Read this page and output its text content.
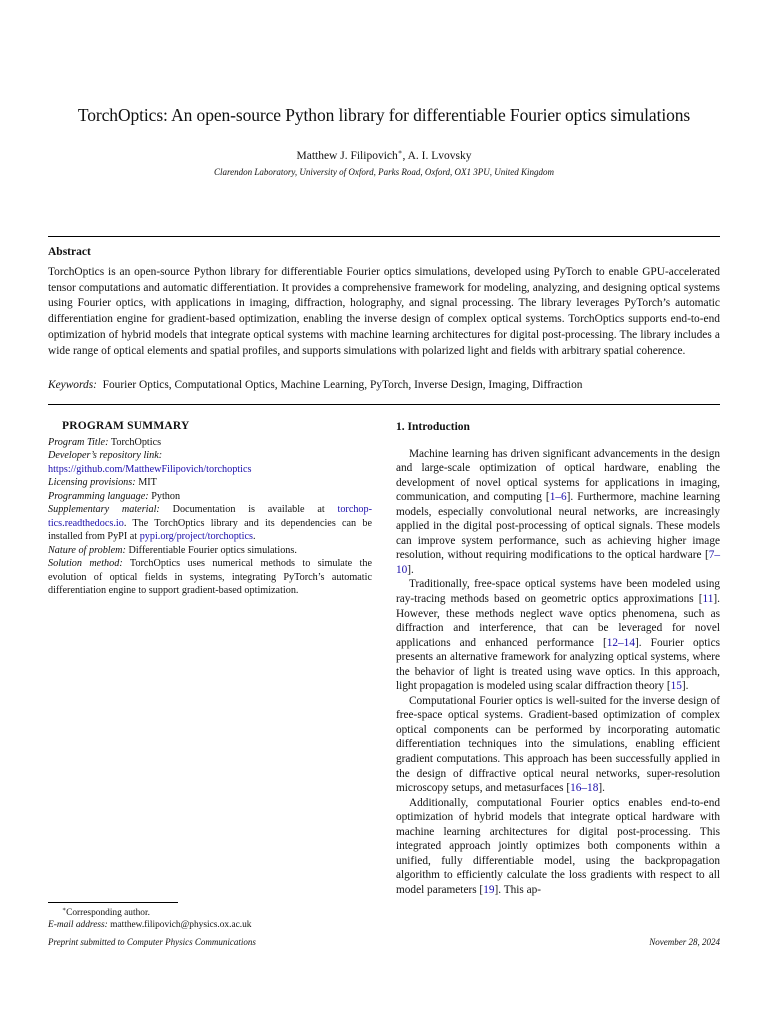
TorchOptics: An open-source Python library for differentiable Fourier optics simulations
Matthew J. Filipovich∗, A. I. Lvovsky
Clarendon Laboratory, University of Oxford, Parks Road, Oxford, OX1 3PU, United Kingdom
Abstract

TorchOptics is an open-source Python library for differentiable Fourier optics simulations, developed using PyTorch to enable GPU-accelerated tensor computations and automatic differentiation. It provides a comprehensive framework for modeling, analyzing, and designing optical systems using Fourier optics, with applications in imaging, diffraction, holography, and signal processing. The library leverages PyTorch’s automatic differentiation engine for gradient-based optimization, enabling the inverse design of complex optical systems. TorchOptics supports end-to-end optimization of hybrid models that integrate optical systems with machine learning architectures for digital post-processing. The library includes a wide range of optical elements and spatial profiles, and supports simulations with polarized light and fields with arbitrary spatial coherence.

Keywords: Fourier Optics, Computational Optics, Machine Learning, PyTorch, Inverse Design, Imaging, Diffraction

PROGRAM SUMMARY

Program Title: TorchOptics

Developer’s repository link:

https://github.com/MatthewFilipovich/torchoptics

Licensing provisions: MIT

Programming language: Python

Supplementary material: Documentation is available at torchop-tics.readthedocs.io. The TorchOptics library and its dependencies can be installed from PyPI at pypi.org/project/torchoptics.

Nature of problem: Differentiable Fourier optics simulations.

Solution method: TorchOptics uses numerical methods to simulate the evolution of optical fields in systems, integrating PyTorch’s automatic differentiation engine to support gradient-based optimization.

1. Introduction

Machine learning has driven significant advancements in the design and large-scale optimization of optical hardware, enabling the development of novel optical systems for applications in imaging, communication, and computing [1–6]. Furthermore, machine learning models, especially convolutional neural networks, are increasingly applied in the digital post-processing of optical signals. These models can improve system performance, such as achieving higher image resolution, without requiring modifications to the optical hardware [7–10].

Traditionally, free-space optical systems have been modeled using ray-tracing methods based on geometric optics approximations [11]. However, these methods neglect wave optics phenomena, such as diffraction and interference, that can be leveraged for novel applications and enhanced performance [12–14]. Fourier optics presents an alternative framework for analyzing optical systems, where the behavior of light is treated using wave optics. In this approach, light propagation is modeled using scalar diffraction theory [15].

Computational Fourier optics is well-suited for the inverse design of free-space optical systems. Gradient-based optimization of complex optical components can be performed by incorporating automatic differentiation techniques into the simulations, enabling efficient gradient computations. This approach has been successfully applied in the design of diffractive optical neural networks, super-resolution microscopy setups, and metasurfaces [16–18].

Additionally, computational Fourier optics enables end-to-end optimization of hybrid models that integrate optical hardware with machine learning architectures for digital post-processing. This integrated approach jointly optimizes both components within a unified, fully differentiable model, using the backpropagation algorithm to efficiently calculate the loss gradients with respect to all model parameters [19]. This ap-

∗Corresponding author.
E-mail address: matthew.filipovich@physics.ox.ac.uk
Preprint submitted to Computer Physics Communications	November 28, 2024
